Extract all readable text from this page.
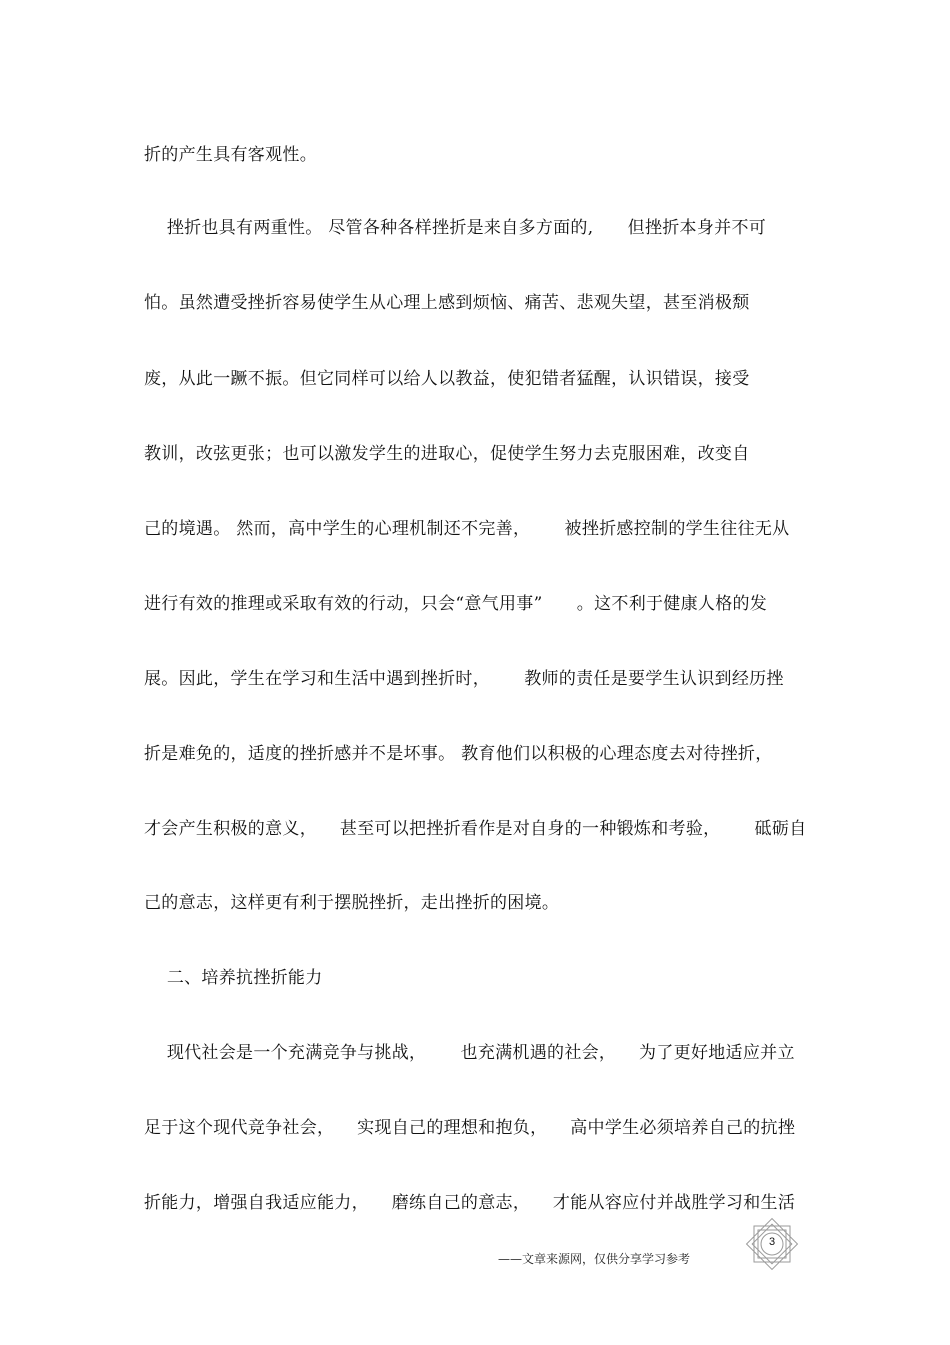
折的产生具有客观性。
挫折也具有两重性。 尽管各种各样挫折是来自多方面的,      但挫折本身并不可
怕。虽然遭受挫折容易使学生从心理上感到烦恼、痛苦、悲观失望，甚至消极颓
废，从此一蹶不振。但它同样可以给人以教益，使犯错者猛醒，认识错误，接受
教训，改弦更张；也可以激发学生的进取心，促使学生努力去克服困难，改变自
己的境遇。 然而，高中学生的心理机制还不完善，      被挫折感控制的学生往往无从
进行有效的推理或采取有效的行动，只会“意气用事”      。这不利于健康人格的发
展。因此，学生在学习和生活中遇到挫折时，      教师的责任是要学生认识到经历挫
折是难免的，适度的挫折感并不是坏事。 教育他们以积极的心理态度去对待挫折，
才会产生积极的意义，    甚至可以把挫折看作是对自身的一种锻炼和考验，      砥砺自
己的意志，这样更有利于摆脱挫折，走出挫折的困境。
二、培养抗挫折能力
现代社会是一个充满竞争与挑战，      也充满机遇的社会，    为了更好地适应并立
足于这个现代竞争社会，    实现自己的理想和抱负，    高中学生必须培养自己的抗挫
折能力，增强自我适应能力，    磨练自己的意志，    才能从容应付并战胜学习和生活
——文章来源网，仅供分享学习参考
3
